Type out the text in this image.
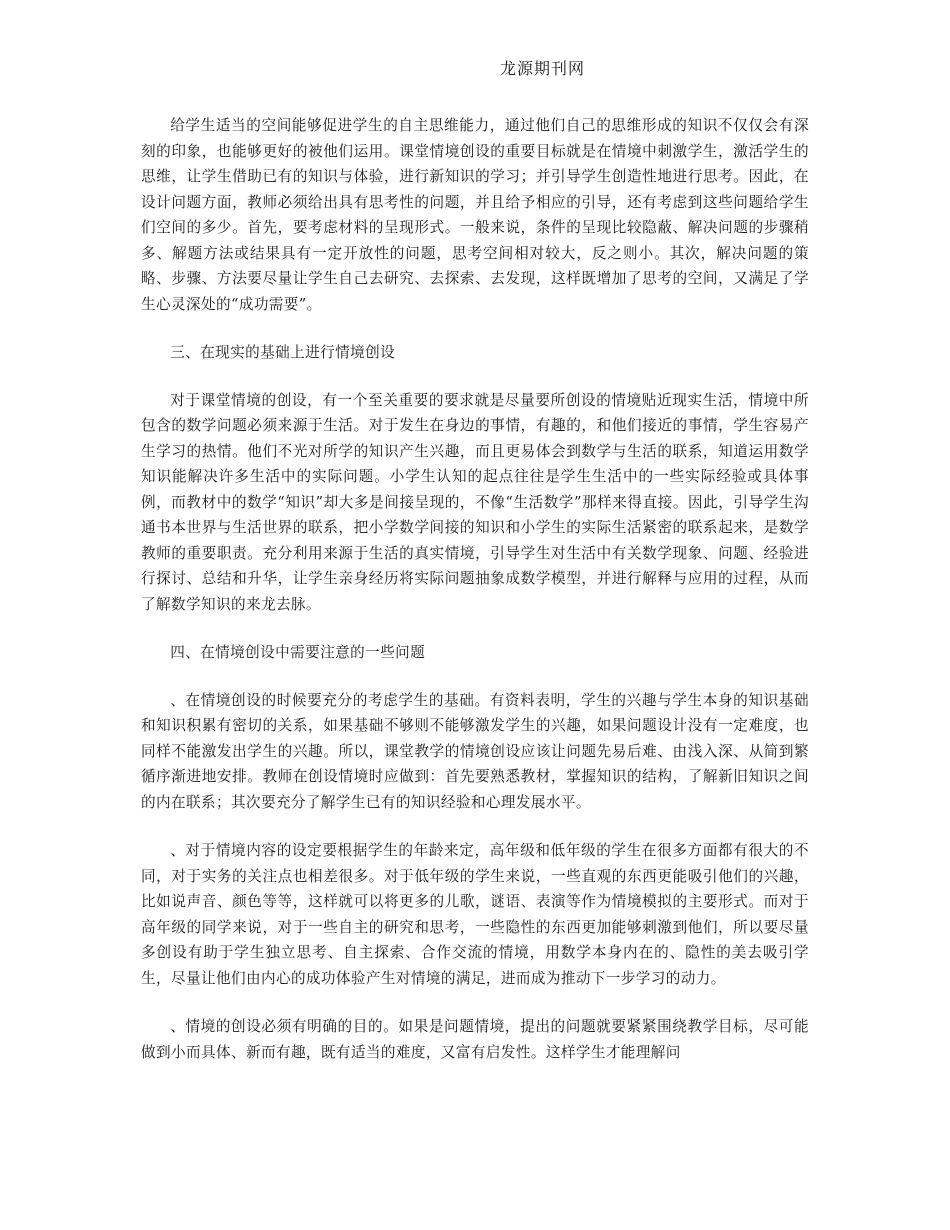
龙源期刊网

给学生适当的空间能够促进学生的自主思维能力，通过他们自己的思维形成的知识不仅仅会有深刻的印象，也能够更好的被他们运用。课堂情境创设的重要目标就是在情境中刺激学生，激活学生的思维，让学生借助已有的知识与体验，进行新知识的学习；并引导学生创造性地进行思考。因此，在设计问题方面，教师必须给出具有思考性的问题，并且给予相应的引导，还有考虑到这些问题给学生们空间的多少。首先，要考虑材料的呈现形式。一般来说，条件的呈现比较隐蔽、解决问题的步骤稍多、解题方法或结果具有一定开放性的问题，思考空间相对较大，反之则小。其次，解决问题的策略、步骤、方法要尽量让学生自己去研究、去探索、去发现，这样既增加了思考的空间，又满足了学生心灵深处的“成功需要”。

三、在现实的基础上进行情境创设

对于课堂情境的创设，有一个至关重要的要求就是尽量要所创设的情境贴近现实生活，情境中所包含的数学问题必须来源于生活。对于发生在身边的事情，有趣的，和他们接近的事情，学生容易产生学习的热情。他们不光对所学的知识产生兴趣，而且更易体会到数学与生活的联系，知道运用数学知识能解决许多生活中的实际问题。小学生认知的起点往往是学生生活中的一些实际经验或具体事例，而教材中的数学“知识”却大多是间接呈现的，不像“生活数学”那样来得直接。因此，引导学生沟通书本世界与生活世界的联系，把小学数学间接的知识和小学生的实际生活紧密的联系起来，是数学教师的重要职责。充分利用来源于生活的真实情境，引导学生对生活中有关数学现象、问题、经验进行探讨、总结和升华，让学生亲身经历将实际问题抽象成数学模型，并进行解释与应用的过程，从而了解数学知识的来龙去脉。

四、在情境创设中需要注意的一些问题

、在情境创设的时候要充分的考虑学生的基础。有资料表明，学生的兴趣与学生本身的知识基础和知识积累有密切的关系，如果基础不够则不能够激发学生的兴趣，如果问题设计没有一定难度，也同样不能激发出学生的兴趣。所以，课堂教学的情境创设应该让问题先易后难、由浅入深、从简到繁循序渐进地安排。教师在创设情境时应做到：首先要熟悉教材，掌握知识的结构，了解新旧知识之间的内在联系；其次要充分了解学生已有的知识经验和心理发展水平。

、对于情境内容的设定要根据学生的年龄来定，高年级和低年级的学生在很多方面都有很大的不同，对于实务的关注点也相差很多。对于低年级的学生来说，一些直观的东西更能吸引他们的兴趣，比如说声音、颜色等等，这样就可以将更多的儿歌，谜语、表演等作为情境模拟的主要形式。而对于高年级的同学来说，对于一些自主的研究和思考，一些隐性的东西更加能够刺激到他们，所以要尽量多创设有助于学生独立思考、自主探索、合作交流的情境，用数学本身内在的、隐性的美去吸引学生，尽量让他们由内心的成功体验产生对情境的满足，进而成为推动下一步学习的动力。

、情境的创设必须有明确的目的。如果是问题情境，提出的问题就要紧紧围绕教学目标，尽可能做到小而具体、新而有趣，既有适当的难度，又富有启发性。这样学生才能理解问
